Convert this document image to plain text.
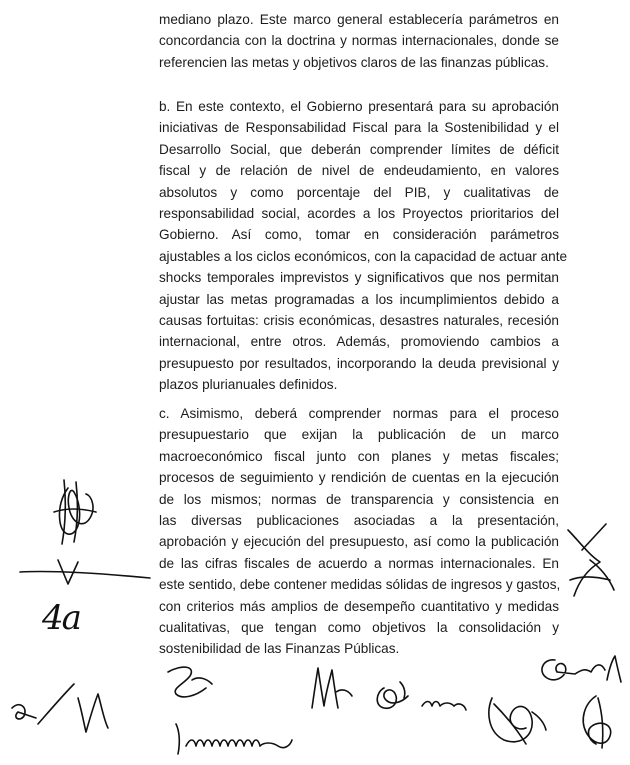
mediano plazo. Este marco general establecería parámetros en
concordancia con la doctrina y normas internacionales, donde se
referencien las metas y objetivos claros de las finanzas públicas.
b. En este contexto, el Gobierno presentará para su aprobación
iniciativas de Responsabilidad Fiscal para la Sostenibilidad y el
Desarrollo Social, que deberán comprender límites de déficit
fiscal y de relación de nivel de endeudamiento, en valores
absolutos y como porcentaje del PIB, y cualitativas de
responsabilidad social, acordes a los Proyectos prioritarios del
Gobierno. Así como, tomar en consideración parámetros
ajustables a los ciclos económicos, con la capacidad de actuar ante
shocks temporales imprevistos y significativos que nos permitan
ajustar las metas programadas a los incumplimientos debido a
causas fortuitas: crisis económicas, desastres naturales, recesión
internacional, entre otros. Además, promoviendo cambios a
presupuesto por resultados, incorporando la deuda previsional y
plazos plurianuales definidos.
c. Asimismo, deberá comprender normas para el proceso
presupuestario que exijan la publicación de un marco
macroeconómico fiscal junto con planes y metas fiscales;
procesos de seguimiento y rendición de cuentas en la ejecución
de los mismos; normas de transparencia y consistencia en
las diversas publicaciones asociadas a la presentación,
aprobación y ejecución del presupuesto, así como la publicación
de las cifras fiscales de acuerdo a normas internacionales. En
este sentido, debe contener medidas sólidas de ingresos y gastos,
con criterios más amplios de desempeño cuantitativo y medidas
cualitativas, que tengan como objetivos la consolidación y
sostenibilidad de las Finanzas Públicas.
4a
